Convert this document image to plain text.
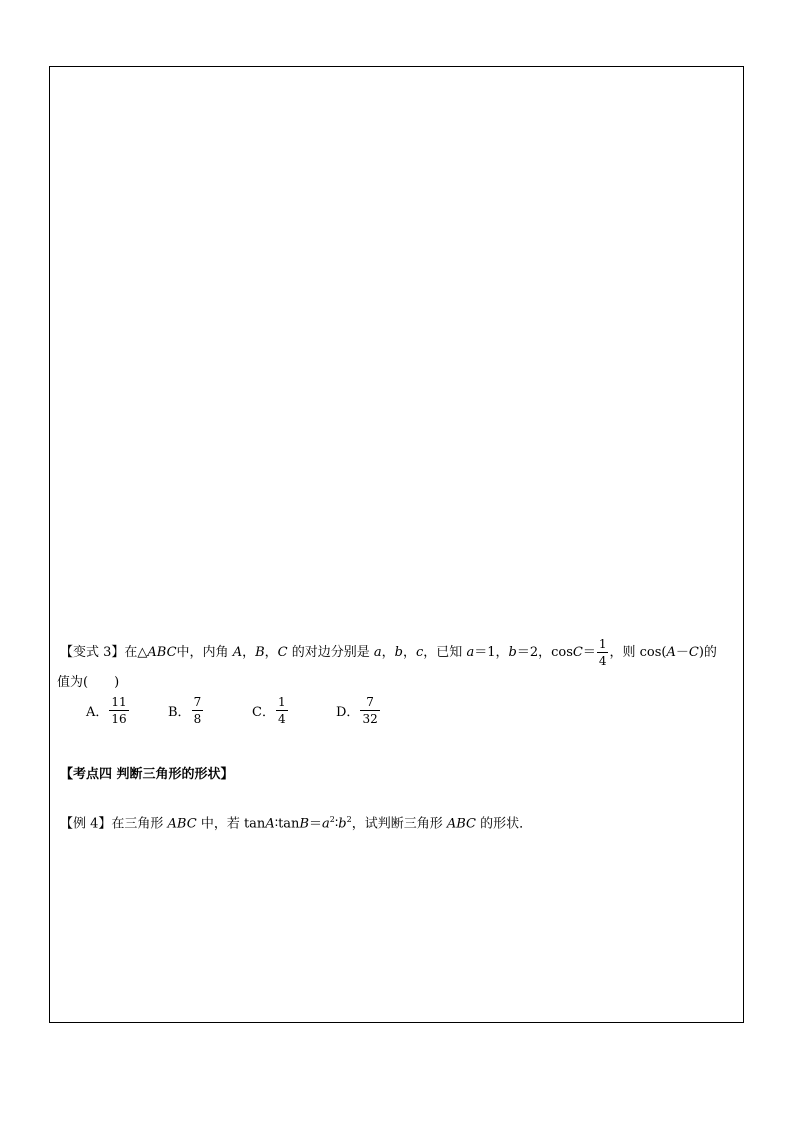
【变式 3】在△ABC中，内角 A，B，C 的对边分别是 a，b，c，已知 a＝1，b＝2，$\cos C= \frac{1}{4}$ ，则 cos(A－C)的
值为(　　)
A． $\frac{11}{16}$	B． $\frac{7}{8}$	C． $\frac{1}{4}$	D． $\frac{7}{32}$
【考点四 判断三角形的形状】
【例 4】在三角形 ABC 中，若 $\tan A∶\tan B=a^2∶b^2$，试判断三角形 ABC 的形状．
